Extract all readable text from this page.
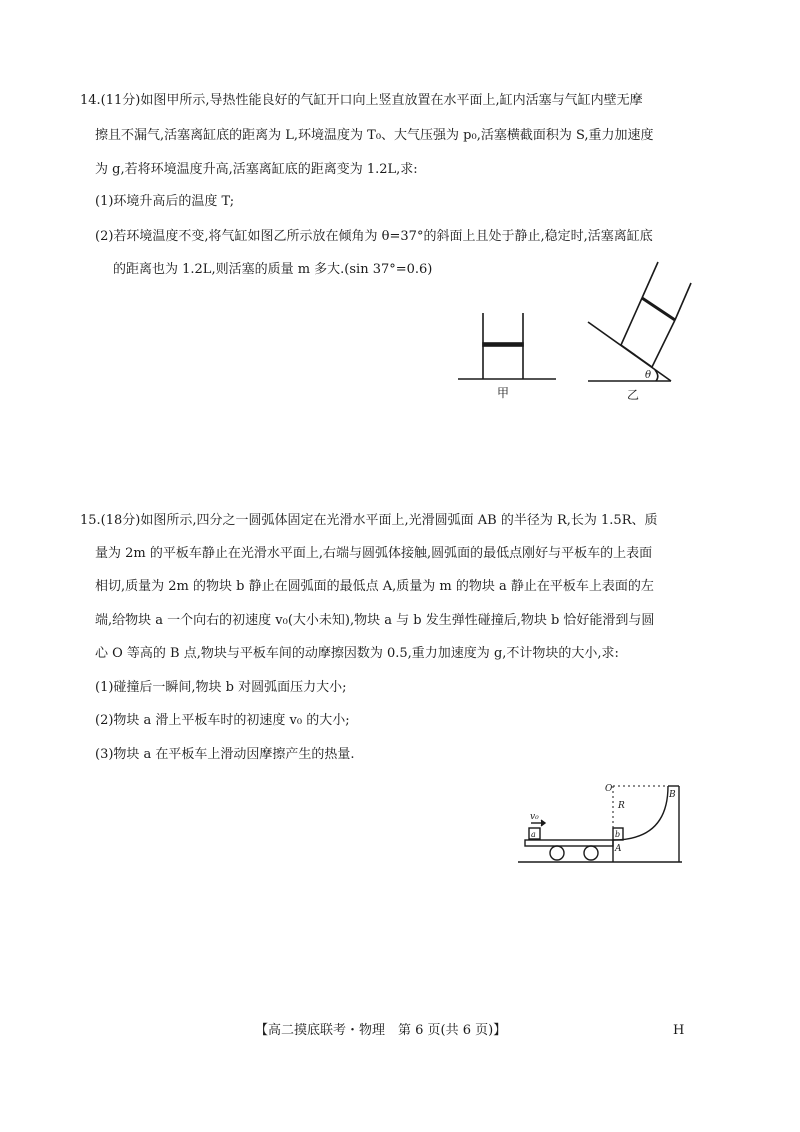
14.(11分)如图甲所示,导热性能良好的气缸开口向上竖直放置在水平面上,缸内活塞与气缸内壁无摩
擦且不漏气,活塞离缸底的距离为 L,环境温度为 T₀、大气压强为 p₀,活塞横截面积为 S,重力加速度
为 g,若将环境温度升高,活塞离缸底的距离变为 1.2L,求:
(1)环境升高后的温度 T;
(2)若环境温度不变,将气缸如图乙所示放在倾角为 θ=37°的斜面上且处于静止,稳定时,活塞离缸底
的距离也为 1.2L,则活塞的质量 m 多大.(sin 37°=0.6)
甲
θ
乙
15.(18分)如图所示,四分之一圆弧体固定在光滑水平面上,光滑圆弧面 AB 的半径为 R,长为 1.5R、质
量为 2m 的平板车静止在光滑水平面上,右端与圆弧体接触,圆弧面的最低点刚好与平板车的上表面
相切,质量为 2m 的物块 b 静止在圆弧面的最低点 A,质量为 m 的物块 a 静止在平板车上表面的左
端,给物块 a 一个向右的初速度 v₀(大小未知),物块 a 与 b 发生弹性碰撞后,物块 b 恰好能滑到与圆
心 O 等高的 B 点,物块与平板车间的动摩擦因数为 0.5,重力加速度为 g,不计物块的大小,求:
(1)碰撞后一瞬间,物块 b 对圆弧面压力大小;
(2)物块 a 滑上平板车时的初速度 v₀ 的大小;
(3)物块 a 在平板车上滑动因摩擦产生的热量.
v₀
a	b
O
B
R
A
【高二摸底联考・物理　第 6 页(共 6 页)】	H
